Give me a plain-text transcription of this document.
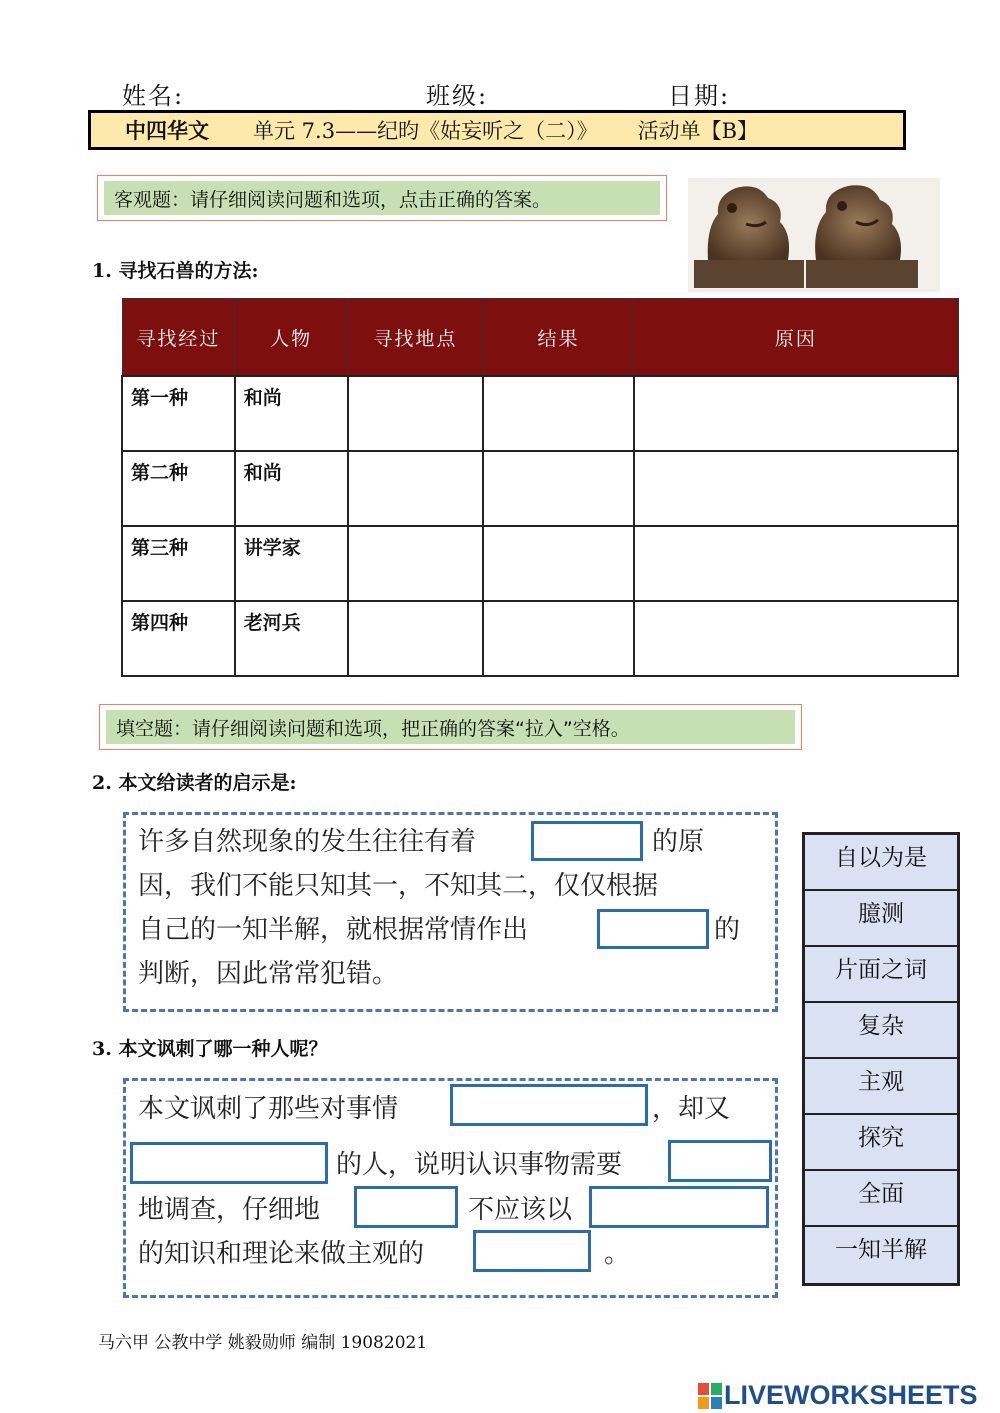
姓名:	班级:	日期:
中四华文 单元 7.3——纪昀《姑妄听之（二）》 活动单【B】
客观题：请仔细阅读问题和选项，点击正确的答案。
1. 寻找石兽的方法:
寻找经过	人物	寻找地点	结果	原因
第一种	和尚			
第二种	和尚			
第三种	讲学家			
第四种	老河兵			
填空题：请仔细阅读问题和选项，把正确的答案“拉入”空格。
2. 本文给读者的启示是:
许多自然现象的发生往往有着	的原
因，我们不能只知其一，不知其二，仅仅根据
自己的一知半解，就根据常情作出	的
判断，因此常常犯错。
3. 本文讽刺了哪一种人呢？
本文讽刺了那些对事情	，却又
的人，说明认识事物需要
地调查，仔细地	不应该以
的知识和理论来做主观的	。
自以为是
臆测
片面之词
复杂
主观
探究
全面
一知半解
马六甲 公教中学 姚毅勋师 编制 19082021
LIVEWORKSHEETS
